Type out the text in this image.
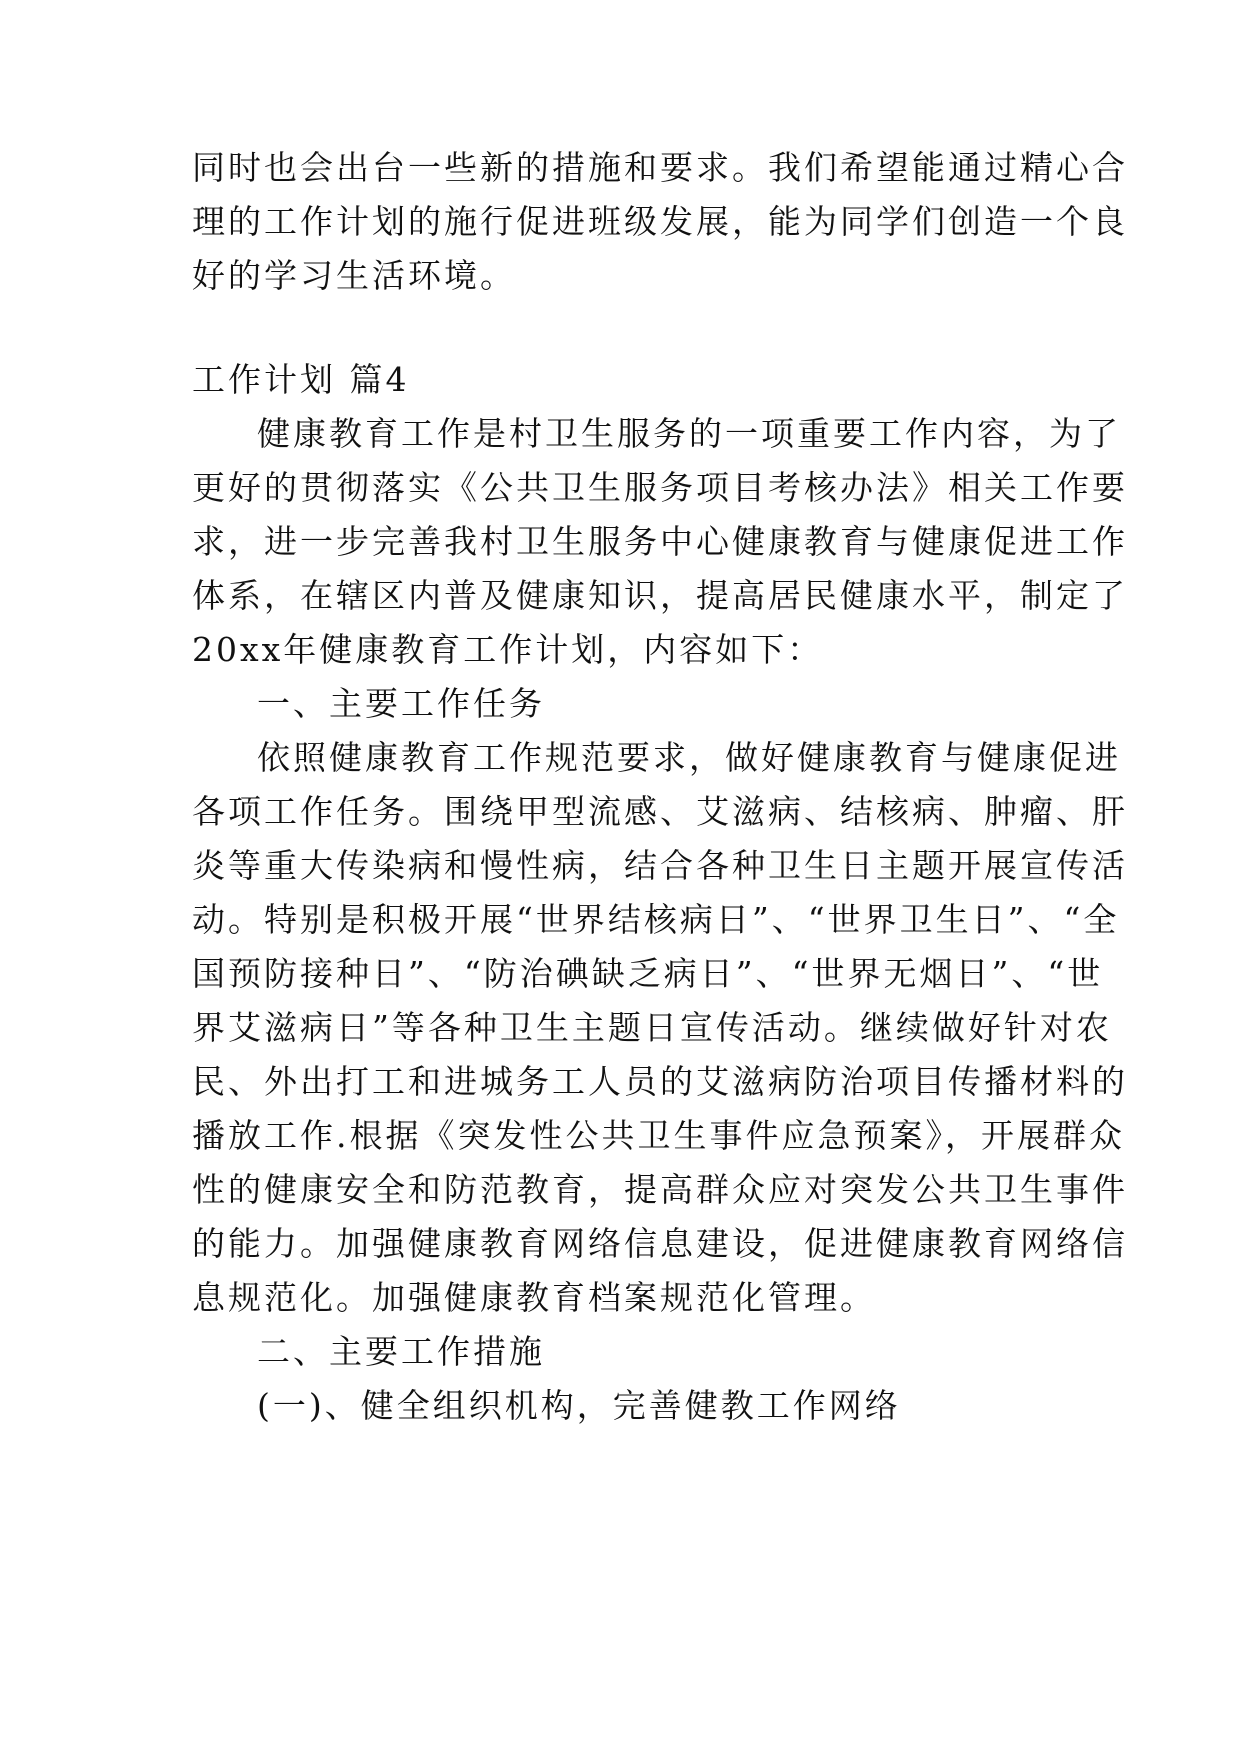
同时也会出台一些新的措施和要求。我们希望能通过精心合
理的工作计划的施行促进班级发展，能为同学们创造一个良
好的学习生活环境。
工作计划 篇4
健康教育工作是村卫生服务的一项重要工作内容，为了
更好的贯彻落实《公共卫生服务项目考核办法》相关工作要
求，进一步完善我村卫生服务中心健康教育与健康促进工作
体系，在辖区内普及健康知识，提高居民健康水平，制定了
20xx年健康教育工作计划，内容如下：
一、主要工作任务
依照健康教育工作规范要求，做好健康教育与健康促进
各项工作任务。围绕甲型流感、艾滋病、结核病、肿瘤、肝
炎等重大传染病和慢性病，结合各种卫生日主题开展宣传活
动。特别是积极开展“世界结核病日”、“世界卫生日”、“全
国预防接种日”、“防治碘缺乏病日”、“世界无烟日”、“世
界艾滋病日”等各种卫生主题日宣传活动。继续做好针对农
民、外出打工和进城务工人员的艾滋病防治项目传播材料的
播放工作.根据《突发性公共卫生事件应急预案》，开展群众
性的健康安全和防范教育，提高群众应对突发公共卫生事件
的能力。加强健康教育网络信息建设，促进健康教育网络信
息规范化。加强健康教育档案规范化管理。
二、主要工作措施
(一)、健全组织机构，完善健教工作网络
